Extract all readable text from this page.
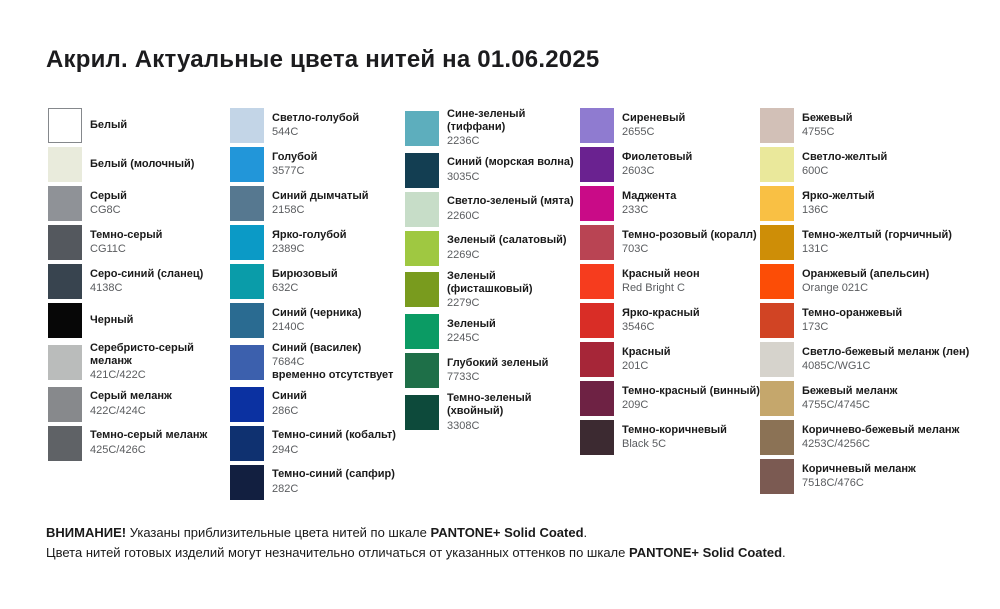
Акрил. Актуальные цвета нитей на 01.06.2025
Белый
Белый (молочный)
Серый
CG8C
Темно-серый
CG11C
Серо-синий (сланец)
4138C
Черный
Серебристо-серый меланж
421C/422C
Серый меланж
422C/424C
Темно-серый меланж
425C/426C
Светло-голубой
544C
Голубой
3577C
Синий дымчатый
2158C
Ярко-голубой
2389C
Бирюзовый
632C
Синий (черника)
2140C
Синий (василек)
7684C
временно отсутствует
Синий
286C
Темно-синий (кобальт)
294C
Темно-синий (сапфир)
282C
Сине-зеленый (тиффани)
2236C
Синий (морская волна)
3035C
Светло-зеленый (мята)
2260C
Зеленый (салатовый)
2269C
Зеленый (фисташковый)
2279C
Зеленый
2245C
Глубокий зеленый
7733C
Темно-зеленый (хвойный)
3308C
Сиреневый
2655C
Фиолетовый
2603C
Маджента
233C
Темно-розовый (коралл)
703C
Красный неон
Red Bright C
Ярко-красный
3546C
Красный
201C
Темно-красный (винный)
209C
Темно-коричневый
Black 5C
Бежевый
4755C
Светло-желтый
600C
Ярко-желтый
136C
Темно-желтый (горчичный)
131C
Оранжевый (апельсин)
Orange 021C
Темно-оранжевый
173C
Светло-бежевый меланж (лен)
4085C/WG1C
Бежевый меланж
4755C/4745C
Коричнево-бежевый меланж
4253C/4256C
Коричневый меланж
7518C/476C

ВНИМАНИЕ! Указаны приблизительные цвета нитей по шкале PANTONE+ Solid Coated.

Цвета нитей готовых изделий могут незначительно отличаться от указанных оттенков по шкале PANTONE+ Solid Coated.
